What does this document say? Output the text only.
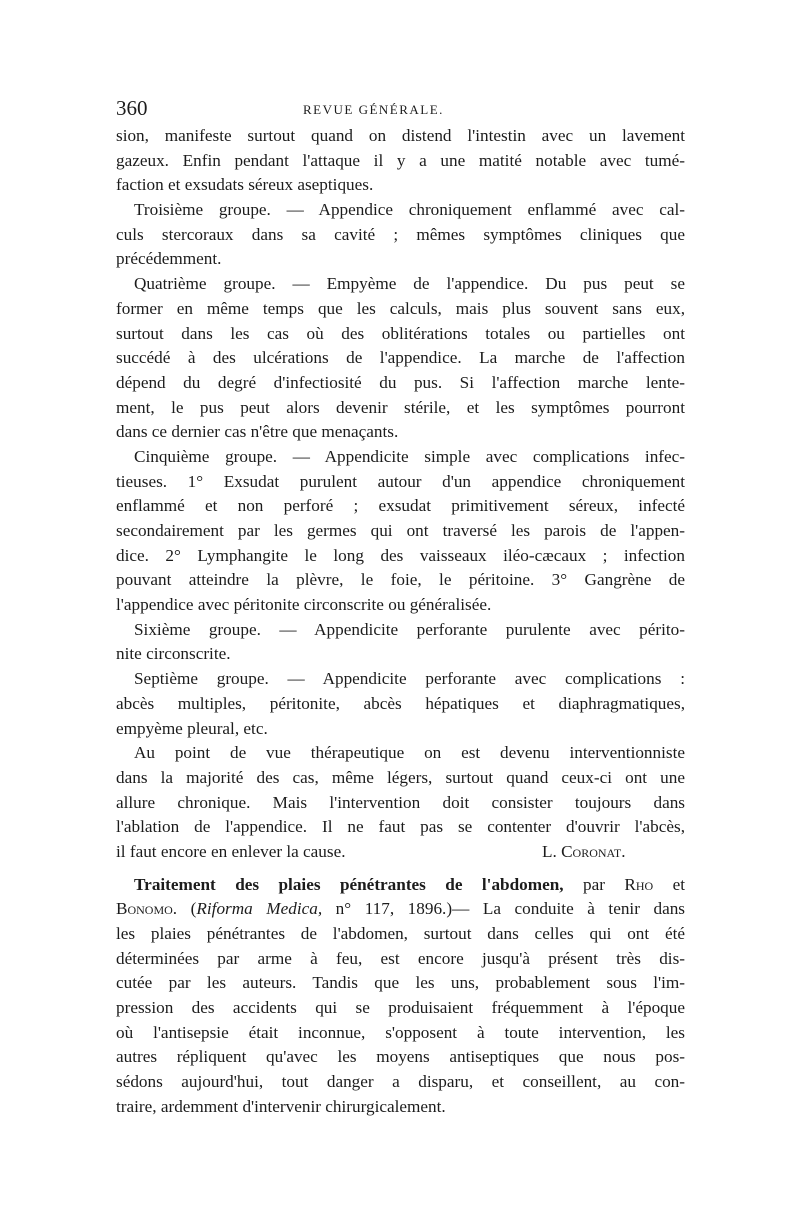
360	REVUE GÉNÉRALE.
sion, manifeste surtout quand on distend l'intestin avec un lavement
gazeux. Enfin pendant l'attaque il y a une matité notable avec tumé-
faction et exsudats séreux aseptiques.
Troisième groupe. — Appendice chroniquement enflammé avec cal-
culs stercoraux dans sa cavité ; mêmes symptômes cliniques que
précédemment.
Quatrième groupe. — Empyème de l'appendice. Du pus peut se
former en même temps que les calculs, mais plus souvent sans eux,
surtout dans les cas où des oblitérations totales ou partielles ont
succédé à des ulcérations de l'appendice. La marche de l'affection
dépend du degré d'infectiosité du pus. Si l'affection marche lente-
ment, le pus peut alors devenir stérile, et les symptômes pourront
dans ce dernier cas n'être que menaçants.
Cinquième groupe. — Appendicite simple avec complications infec-
tieuses. 1° Exsudat purulent autour d'un appendice chroniquement
enflammé et non perforé ; exsudat primitivement séreux, infecté
secondairement par les germes qui ont traversé les parois de l'appen-
dice. 2° Lymphangite le long des vaisseaux iléo-cæcaux ; infection
pouvant atteindre la plèvre, le foie, le péritoine. 3° Gangrène de
l'appendice avec péritonite circonscrite ou généralisée.
Sixième groupe. — Appendicite perforante purulente avec périto-
nite circonscrite.
Septième groupe. — Appendicite perforante avec complications :
abcès multiples, péritonite, abcès hépatiques et diaphragmatiques,
empyème pleural, etc.
Au point de vue thérapeutique on est devenu interventionniste
dans la majorité des cas, même légers, surtout quand ceux-ci ont une
allure chronique. Mais l'intervention doit consister toujours dans
l'ablation de l'appendice. Il ne faut pas se contenter d'ouvrir l'abcès,
il faut encore en enlever la cause.	L. Coronat.
Traitement des plaies pénétrantes de l'abdomen, par Rho et
Bonomo. (Riforma Medica, n° 117, 1896.)— La conduite à tenir dans
les plaies pénétrantes de l'abdomen, surtout dans celles qui ont été
déterminées par arme à feu, est encore jusqu'à présent très dis-
cutée par les auteurs. Tandis que les uns, probablement sous l'im-
pression des accidents qui se produisaient fréquemment à l'époque
où l'antisepsie était inconnue, s'opposent à toute intervention, les
autres répliquent qu'avec les moyens antiseptiques que nous pos-
sédons aujourd'hui, tout danger a disparu, et conseillent, au con-
traire, ardemment d'intervenir chirurgicalement.
